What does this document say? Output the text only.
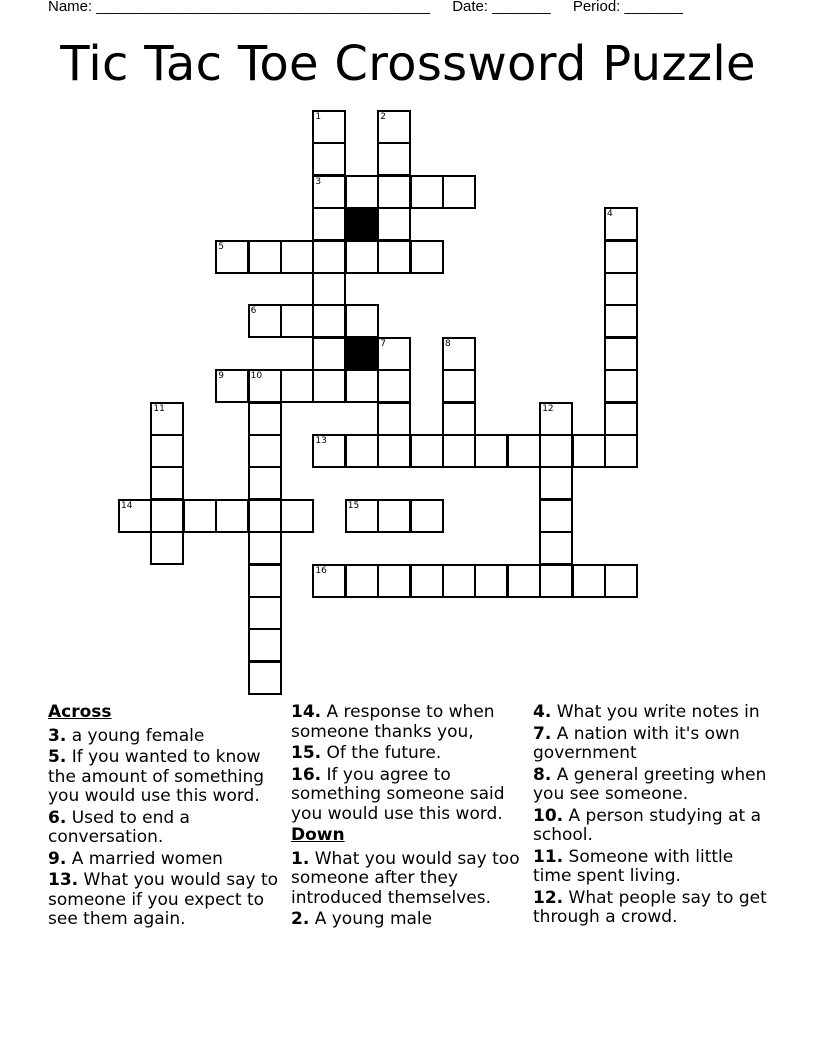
Name: ________________________________________ Date: _______ Period: _______
Tic Tac Toe Crossword Puzzle
1	2
3
4
5
6
7	8
9	10
11	12
13
14	15
16
Across
3. a young female
5. If you wanted to know the amount of something you would use this word.
6. Used to end a conversation.
9. A married women
13. What you would say to someone if you expect to see them again.
14. A response to when someone thanks you,
15. Of the future.
16. If you agree to something someone said you would use this word.
Down
1. What you would say too someone after they introduced themselves.
2. A young male
4. What you write notes in
7. A nation with it's own government
8. A general greeting when you see someone.
10. A person studying at a school.
11. Someone with little time spent living.
12. What people say to get through a crowd.
